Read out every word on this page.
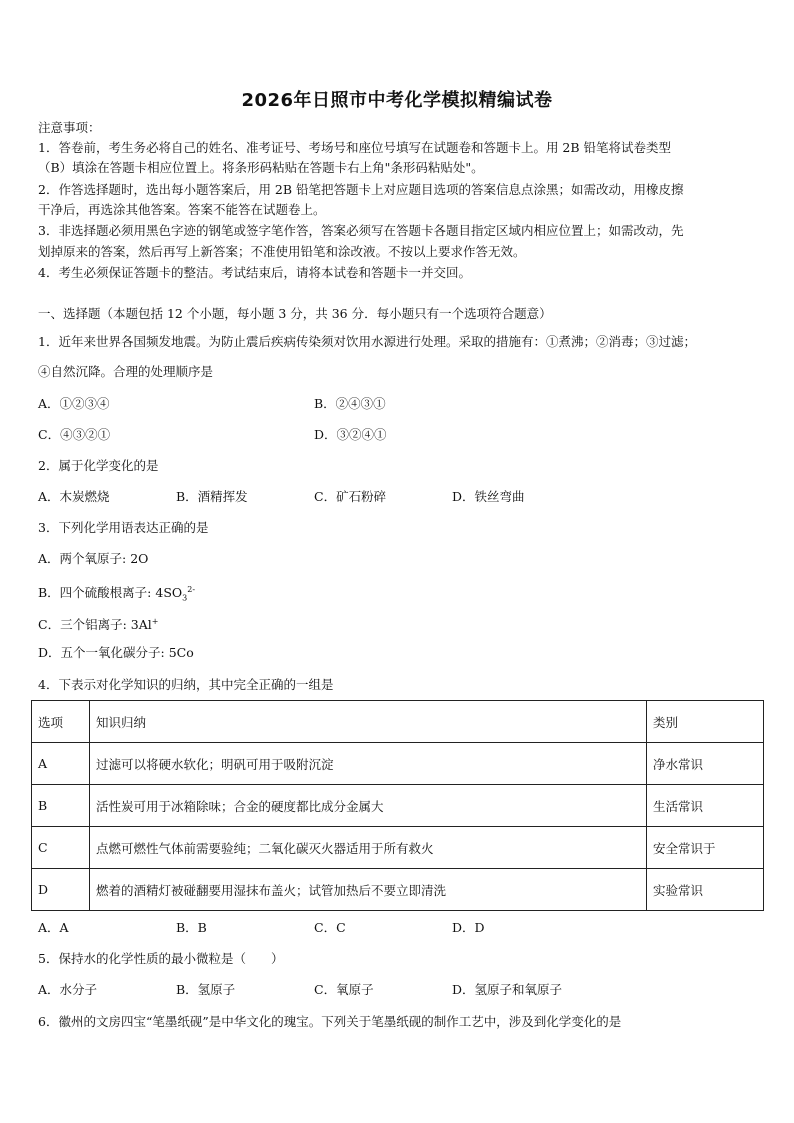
2026年日照市中考化学模拟精编试卷
注意事项：
1．答卷前，考生务必将自己的姓名、准考证号、考场号和座位号填写在试题卷和答题卡上。用 2B 铅笔将试卷类型
（B）填涂在答题卡相应位置上。将条形码粘贴在答题卡右上角"条形码粘贴处"。
2．作答选择题时，选出每小题答案后，用 2B 铅笔把答题卡上对应题目选项的答案信息点涂黑；如需改动，用橡皮擦
干净后，再选涂其他答案。答案不能答在试题卷上。
3．非选择题必须用黑色字迹的钢笔或签字笔作答，答案必须写在答题卡各题目指定区域内相应位置上；如需改动，先
划掉原来的答案，然后再写上新答案；不准使用铅笔和涂改液。不按以上要求作答无效。
4．考生必须保证答题卡的整洁。考试结束后，请将本试卷和答题卡一并交回。
一、选择题（本题包括 12 个小题，每小题 3 分，共 36 分．每小题只有一个选项符合题意）
1．近年来世界各国频发地震。为防止震后疾病传染须对饮用水源进行处理。采取的措施有：①煮沸；②消毒；③过滤；
④自然沉降。合理的处理顺序是
A．①②③④	B．②④③①
C．④③②①	D．③②④①
2．属于化学变化的是
A．木炭燃烧	B．酒精挥发	C．矿石粉碎	D．铁丝弯曲
3．下列化学用语表达正确的是
A．两个氧原子: 2O
B．四个硫酸根离子: $4SO_3^{2-}$
C．三个铝离子: 3Al+
D．五个一氧化碳分子: 5Co
4．下表示对化学知识的归纳，其中完全正确的一组是
选项	知识归纳	类别
A	过滤可以将硬水软化；明矾可用于吸附沉淀	净水常识
B	活性炭可用于冰箱除味；合金的硬度都比成分金属大	生活常识
C	点燃可燃性气体前需要验纯；二氧化碳灭火器适用于所有救火	安全常识于
D	燃着的酒精灯被碰翻要用湿抹布盖火；试管加热后不要立即清洗	实验常识
A．A	B．B	C．C	D．D
5．保持水的化学性质的最小微粒是（　　）
A．水分子	B．氢原子	C．氧原子	D．氢原子和氧原子
6．徽州的文房四宝“笔墨纸砚”是中华文化的瑰宝。下列关于笔墨纸砚的制作工艺中，涉及到化学变化的是
